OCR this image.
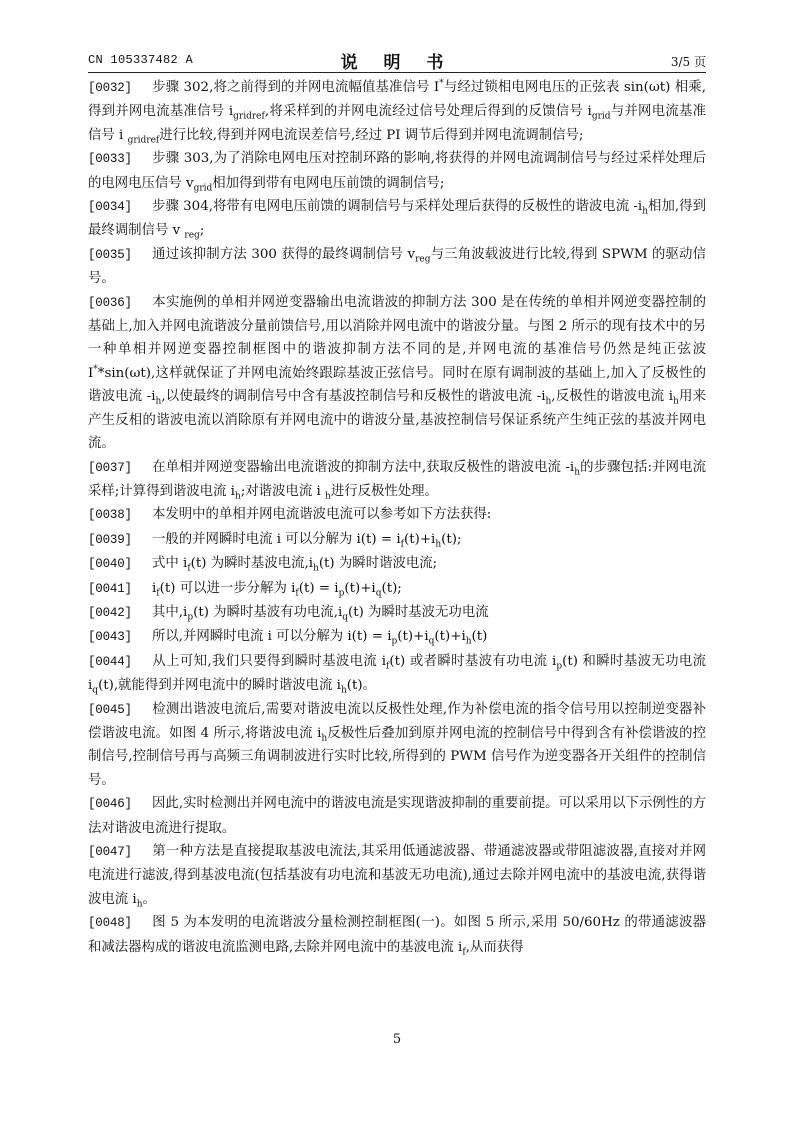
CN 105337482 A	说 明 书	3/5 页

[0032] 步骤 302,将之前得到的并网电流幅值基准信号 I*与经过锁相电网电压的正弦表 sin(ωt) 相乘,得到并网电流基准信号 $i_{gridref}$,将采样到的并网电流经过信号处理后得到的反馈信号 $i_{grid}$与并网电流基准信号 i $_{gridref}$进行比较,得到并网电流误差信号,经过 PI 调节后得到并网电流调制信号;

[0033] 步骤 303,为了消除电网电压对控制环路的影响,将获得的并网电流调制信号与经过采样处理后的电网电压信号 $v_{grid}$相加得到带有电网电压前馈的调制信号;

[0034] 步骤 304,将带有电网电压前馈的调制信号与采样处理后获得的反极性的谐波电流 $-i_h$相加,得到最终调制信号 v $_{reg}$;

[0035] 通过该抑制方法 300 获得的最终调制信号 $v_{reg}$与三角波载波进行比较,得到 SPWM 的驱动信号。

[0036] 本实施例的单相并网逆变器输出电流谐波的抑制方法 300 是在传统的单相并网逆变器控制的基础上,加入并网电流谐波分量前馈信号,用以消除并网电流中的谐波分量。与图 2 所示的现有技术中的另一种单相并网逆变器控制框图中的谐波抑制方法不同的是,并网电流的基准信号仍然是纯正弦波 I**sin(ωt),这样就保证了并网电流始终跟踪基波正弦信号。同时在原有调制波的基础上,加入了反极性的谐波电流 $-i_h$,以使最终的调制信号中含有基波控制信号和反极性的谐波电流 $-i_h$,反极性的谐波电流 $i_h$用来产生反相的谐波电流以消除原有并网电流中的谐波分量,基波控制信号保证系统产生纯正弦的基波并网电流。

[0037] 在单相并网逆变器输出电流谐波的抑制方法中,获取反极性的谐波电流 $-i_h$的步骤包括:并网电流采样;计算得到谐波电流 $i_h$;对谐波电流 i $_h$进行反极性处理。

[0038] 本发明中的单相并网电流谐波电流可以参考如下方法获得:

[0039] 一般的并网瞬时电流 i 可以分解为 $i(t) = i_f(t)+i_h(t)$;

[0040] 式中 $i_f(t)$ 为瞬时基波电流$,i_h(t)$ 为瞬时谐波电流;

[0041] $i_f(t)$ 可以进一步分解为 $i_f(t) = i_p(t)+i_q(t)$;

[0042] 其中$,i_p(t)$ 为瞬时基波有功电流$,i_q(t)$ 为瞬时基波无功电流

[0043] 所以,并网瞬时电流 i 可以分解为 $i(t) = i_p(t)+i_q(t)+i_h(t)$

[0044] 从上可知,我们只要得到瞬时基波电流 $i_f(t)$ 或者瞬时基波有功电流 $i_p(t)$ 和瞬时基波无功电流 $i_q(t)$,就能得到并网电流中的瞬时谐波电流 $i_h(t)$。

[0045] 检测出谐波电流后,需要对谐波电流以反极性处理,作为补偿电流的指令信号用以控制逆变器补偿谐波电流。如图 4 所示,将谐波电流 $i_h$反极性后叠加到原并网电流的控制信号中得到含有补偿谐波的控制信号,控制信号再与高频三角调制波进行实时比较,所得到的 PWM 信号作为逆变器各开关组件的控制信号。

[0046] 因此,实时检测出并网电流中的谐波电流是实现谐波抑制的重要前提。可以采用以下示例性的方法对谐波电流进行提取。

[0047] 第一种方法是直接提取基波电流法,其采用低通滤波器、带通滤波器或带阻滤波器,直接对并网电流进行滤波,得到基波电流(包括基波有功电流和基波无功电流),通过去除并网电流中的基波电流,获得谐波电流 $i_h$。

[0048] 图 5 为本发明的电流谐波分量检测控制框图(一)。如图 5 所示,采用 50/60Hz 的带通滤波器和减法器构成的谐波电流监测电路,去除并网电流中的基波电流 $i_f$,从而获得

5
